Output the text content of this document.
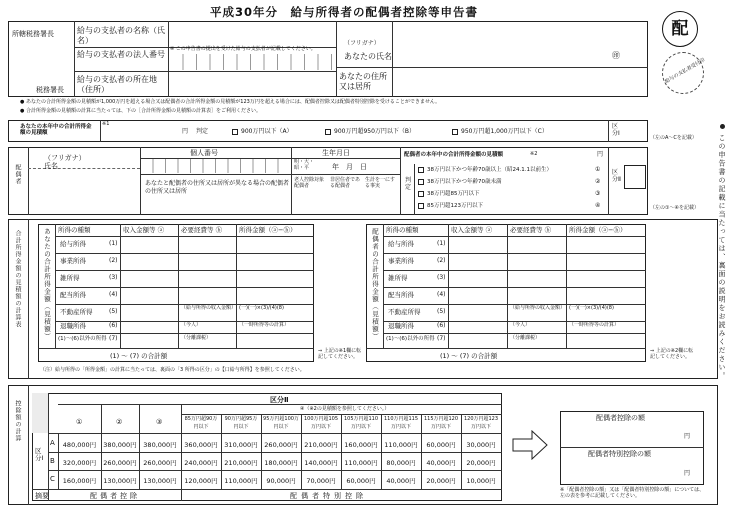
平成30年分　給与所得者の配偶者控除等申告書
配
所轄税務署長
税務署長
給与の支払者の名称（氏名）
給与の支払者の法人番号
※ この申告書の提出を受けた給与の支払者が記載してください。
給与の支払者の所在地（住所）
（フリガナ）
あなたの氏名	㊞
あなたの住所又は居所
給与の支払者受付印
● あなたの合計所得金額の見積額が1,000万円を超える場合又は配偶者の合計所得金額の見積額が123万円を超える場合には、配偶者控除又は配偶者特別控除を受けることができません。
● 合計所得金額の見積額の計算に当たっては、下の［合計所得金額の見積額の計算表］をご利用ください。
あなたの本年中の合計所得金額の見積額
※1
円 判定	900万円以下（A）	900万円超950万円以下（B）	950万円超1,000万円以下（C）
区分Ⅰ
（左のA〜Cを記載）
配偶者
（フリガナ）
氏名
個人番号	生年月日
明・大・昭・平	年　月　日
あなたと配偶者の住所又は居所が異なる場合の配偶者の住所又は居所
老人控除対象配偶者
非居住者である配偶者
生計を一にする事実
配偶者の本年中の合計所得金額の見積額	※2	円
判定
38万円以下かつ年齢70歳以上（昭24.1.1以前生）	①
38万円以下かつ年齢70歳未満	②
38万円超85万円以下	③
85万円超123万円以下	④
区分Ⅱ
（左の①〜④を記載）
合計所得金額の見積額の計算表	あなたの合計所得金額（見積額） 所得の種類	収入金額等 ⓐ	必要経費等 ⓑ	所得金額（ⓐ−ⓑ）
給与所得	(1)
事業所得	(2)
雑所得	(3)
配当所得	(4)
不動産所得	(5)
退職所得	(6)
(1)〜(6)以外の所得 (7)
（給与所得の収入金額） (一)(一)×(3)/(4)(8)
（今人）	（一時所得等の計算）
（分離課税）
(1) 〜 (7) の合計額
⇒ 上記の※1欄に転記してください。
配偶者の合計所得金額（見積額） 所得の種類	収入金額等 ⓐ	必要経費等 ⓑ	所得金額（ⓐ−ⓑ）
給与所得	(1)
事業所得	(2)
雑所得	(3)
配当所得	(4)
不動産所得	(5)
退職所得	(6)
(1)〜(6)以外の所得 (7)
（給与所得の収入金額） (一)(一)×(3)/(4)(8)
（今人）	（一時所得等の計算）
（分離課税）
(1) 〜 (7) の合計額
⇒ 上記の※2欄に転記してください。
（注）給与所得の「所得金額」の計算に当たっては、裏面の「3 所得の区分」の【口給与所得】を参照してください。
控除額の計算	区分Ⅱ
①	②	③
④（※2の見積額を参照してください。）
85万円超90万円以下
90万円超95万円以下
95万円超100万円以下
100万円超105万円以下
105万円超110万円以下
110万円超115万円以下
115万円超120万円以下
120万円超123万円以下
区分Ⅰ
A
B
C
480,000円	380,000円	380,000円	360,000円	310,000円	260,000円	210,000円	160,000円	110,000円	60,000円	30,000円
320,000円	260,000円	260,000円	240,000円	210,000円	180,000円	140,000円	110,000円	80,000円	40,000円	20,000円
160,000円	130,000円	130,000円	120,000円	110,000円	90,000円	70,000円	60,000円	40,000円	20,000円	10,000円
摘要	配偶者控除	配偶者特別控除
配偶者控除の額
円
配偶者特別控除の額
円
※「配偶者控除の額」又は「配偶者特別控除の額」については、左の表を参考に記載してください。
この申告書の記載に当たっては、裏面の説明をお読みください。
